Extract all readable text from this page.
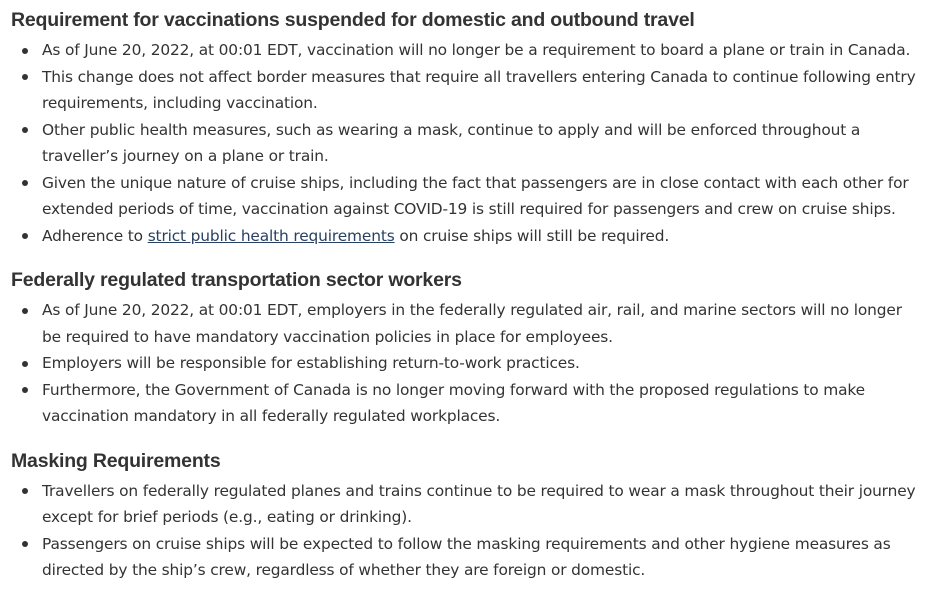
Requirement for vaccinations suspended for domestic and outbound travel
As of June 20, 2022, at 00:01 EDT, vaccination will no longer be a requirement to board a plane or train in Canada.
This change does not affect border measures that require all travellers entering Canada to continue following entry requirements, including vaccination.
Other public health measures, such as wearing a mask, continue to apply and will be enforced throughout a traveller’s journey on a plane or train.
Given the unique nature of cruise ships, including the fact that passengers are in close contact with each other for extended periods of time, vaccination against COVID-19 is still required for passengers and crew on cruise ships.
Adherence to strict public health requirements on cruise ships will still be required.
Federally regulated transportation sector workers
As of June 20, 2022, at 00:01 EDT, employers in the federally regulated air, rail, and marine sectors will no longer be required to have mandatory vaccination policies in place for employees.
Employers will be responsible for establishing return-to-work practices.
Furthermore, the Government of Canada is no longer moving forward with the proposed regulations to make vaccination mandatory in all federally regulated workplaces.
Masking Requirements
Travellers on federally regulated planes and trains continue to be required to wear a mask throughout their journey except for brief periods (e.g., eating or drinking).
Passengers on cruise ships will be expected to follow the masking requirements and other hygiene measures as directed by the ship’s crew, regardless of whether they are foreign or domestic.
